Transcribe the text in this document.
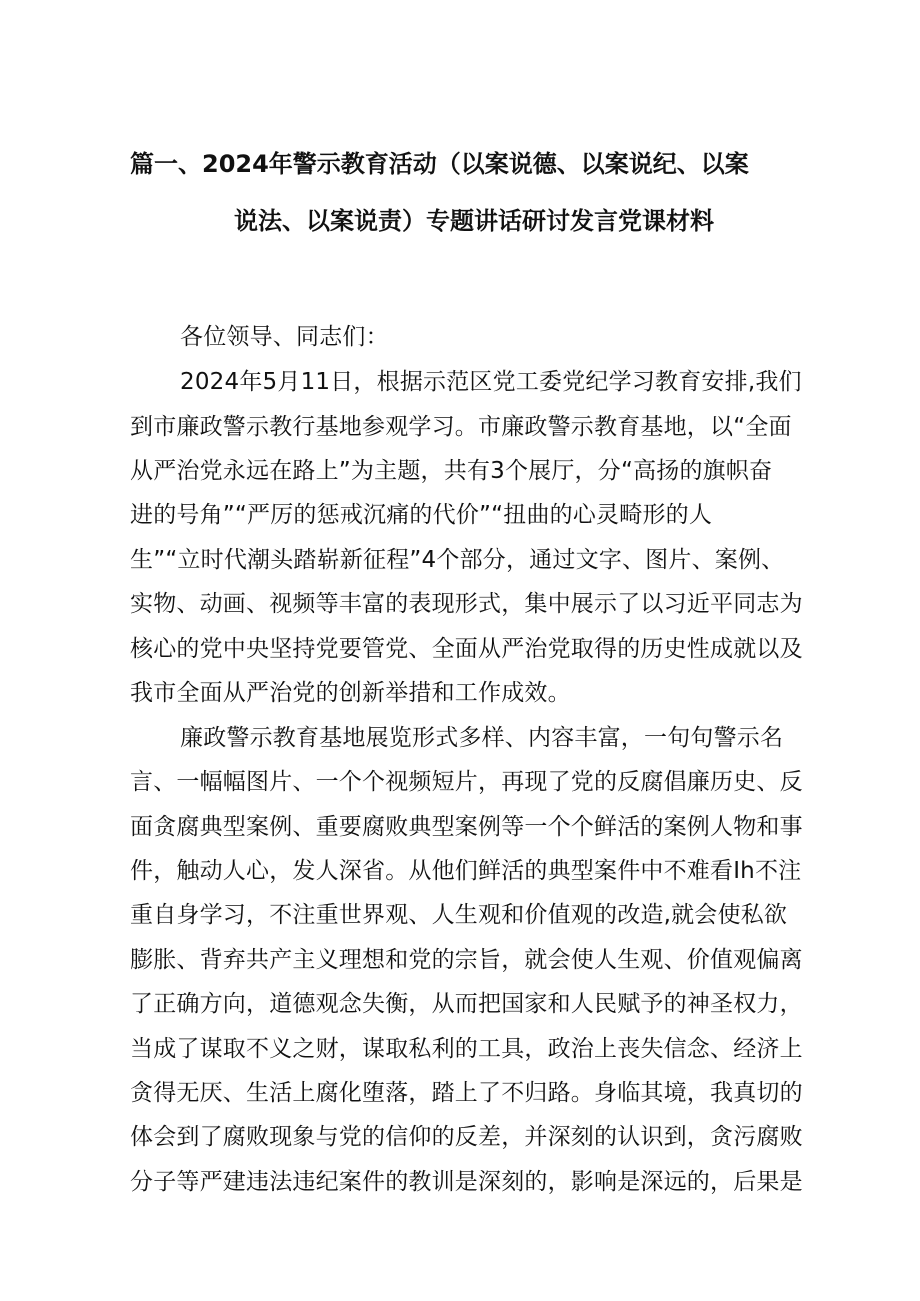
篇一、2024年警示教育活动（以案说德、以案说纪、以案
说法、以案说责）专题讲话研讨发言党课材料
各位领导、同志们：
2024年5月11日，根据示范区党工委党纪学习教育安排,我们
到市廉政警示教行基地参观学习。市廉政警示教育基地，以“全面
从严治党永远在路上”为主题，共有3个展厅，分“高扬的旗帜奋
进的号角”“严厉的惩戒沉痛的代价”“扭曲的心灵畸形的人
生”“立时代潮头踏崭新征程”4个部分，通过文字、图片、案例、
实物、动画、视频等丰富的表现形式，集中展示了以习近平同志为
核心的党中央坚持党要管党、全面从严治党取得的历史性成就以及
我市全面从严治党的创新举措和工作成效。
廉政警示教育基地展览形式多样、内容丰富，一句句警示名
言、一幅幅图片、一个个视频短片，再现了党的反腐倡廉历史、反
面贪腐典型案例、重要腐败典型案例等一个个鲜活的案例人物和事
件，触动人心，发人深省。从他们鲜活的典型案件中不难看Ih不注
重自身学习，不注重世界观、人生观和价值观的改造,就会使私欲
膨胀、背弃共产主义理想和党的宗旨，就会使人生观、价值观偏离
了正确方向，道德观念失衡，从而把国家和人民赋予的神圣权力，
当成了谋取不义之财，谋取私利的工具，政治上丧失信念、经济上
贪得无厌、生活上腐化堕落，踏上了不归路。身临其境，我真切的
体会到了腐败现象与党的信仰的反差，并深刻的认识到，贪污腐败
分子等严建违法违纪案件的教训是深刻的，影响是深远的，后果是
